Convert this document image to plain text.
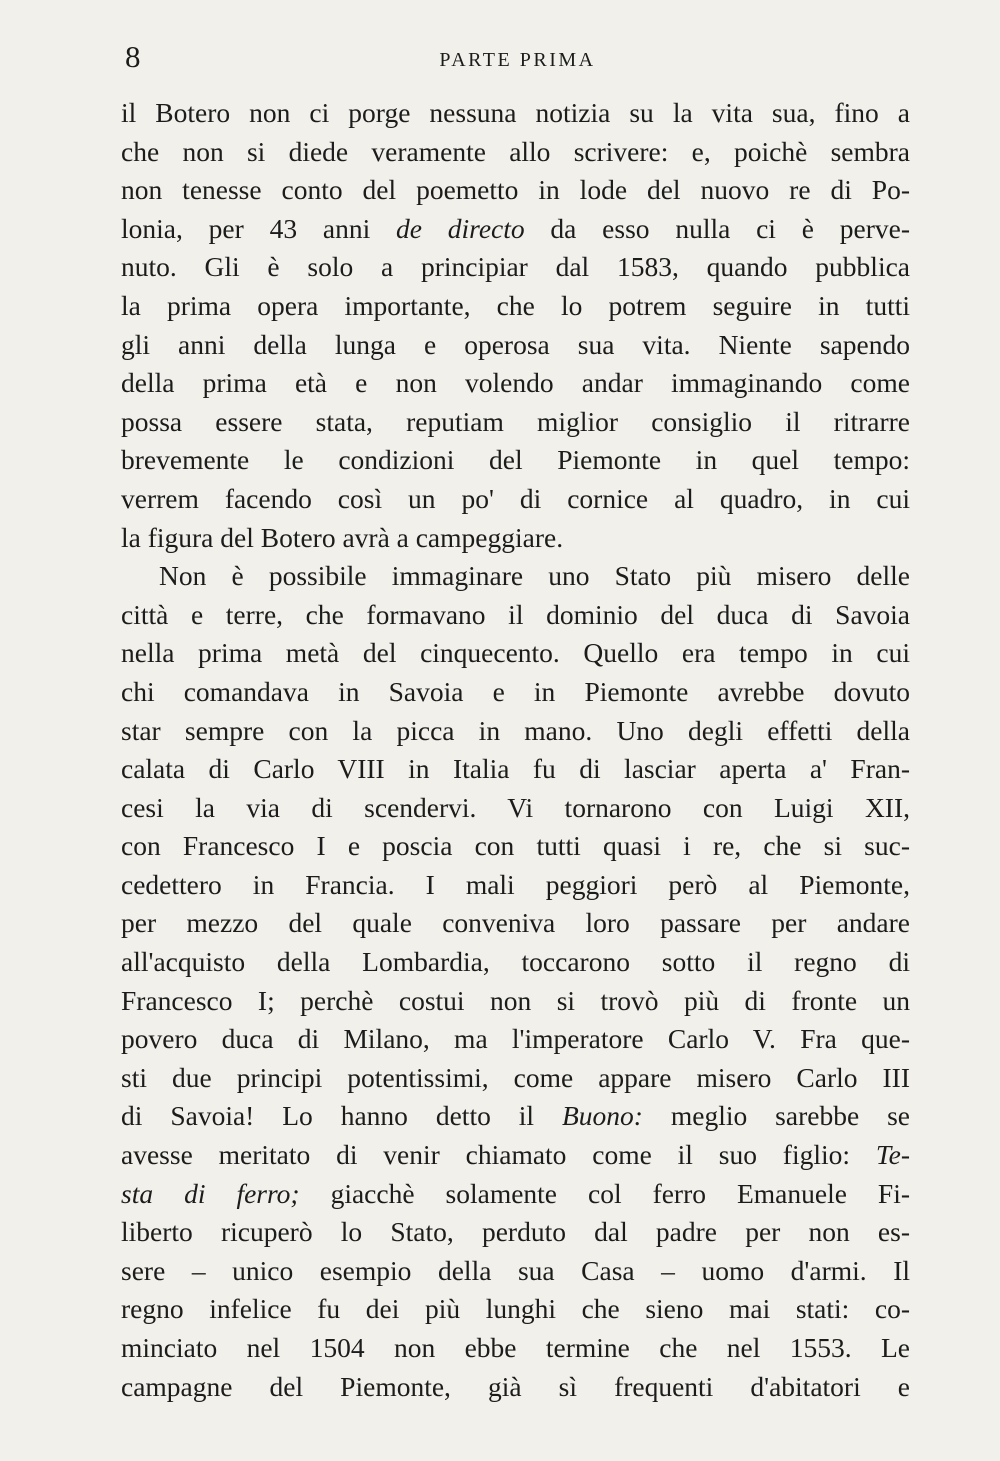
8	PARTE PRIMA
il Botero non ci porge nessuna notizia su la vita sua, fino a
che non si diede veramente allo scrivere: e, poichè sembra
non tenesse conto del poemetto in lode del nuovo re di Po-
lonia, per 43 anni de directo da esso nulla ci è perve-
nuto. Gli è solo a principiar dal 1583, quando pubblica
la prima opera importante, che lo potrem seguire in tutti
gli anni della lunga e operosa sua vita. Niente sapendo
della prima età e non volendo andar immaginando come
possa essere stata, reputiam miglior consiglio il ritrarre
brevemente le condizioni del Piemonte in quel tempo:
verrem facendo così un po' di cornice al quadro, in cui
la figura del Botero avrà a campeggiare.
Non è possibile immaginare uno Stato più misero delle
città e terre, che formavano il dominio del duca di Savoia
nella prima metà del cinquecento. Quello era tempo in cui
chi comandava in Savoia e in Piemonte avrebbe dovuto
star sempre con la picca in mano. Uno degli effetti della
calata di Carlo VIII in Italia fu di lasciar aperta a' Fran-
cesi la via di scendervi. Vi tornarono con Luigi XII,
con Francesco I e poscia con tutti quasi i re, che si suc-
cedettero in Francia. I mali peggiori però al Piemonte,
per mezzo del quale conveniva loro passare per andare
all'acquisto della Lombardia, toccarono sotto il regno di
Francesco I; perchè costui non si trovò più di fronte un
povero duca di Milano, ma l'imperatore Carlo V. Fra que-
sti due principi potentissimi, come appare misero Carlo III
di Savoia! Lo hanno detto il Buono: meglio sarebbe se
avesse meritato di venir chiamato come il suo figlio: Te-
sta di ferro; giacchè solamente col ferro Emanuele Fi-
liberto ricuperò lo Stato, perduto dal padre per non es-
sere – unico esempio della sua Casa – uomo d'armi. Il
regno infelice fu dei più lunghi che sieno mai stati: co-
minciato nel 1504 non ebbe termine che nel 1553. Le
campagne del Piemonte, già sì frequenti d'abitatori e
